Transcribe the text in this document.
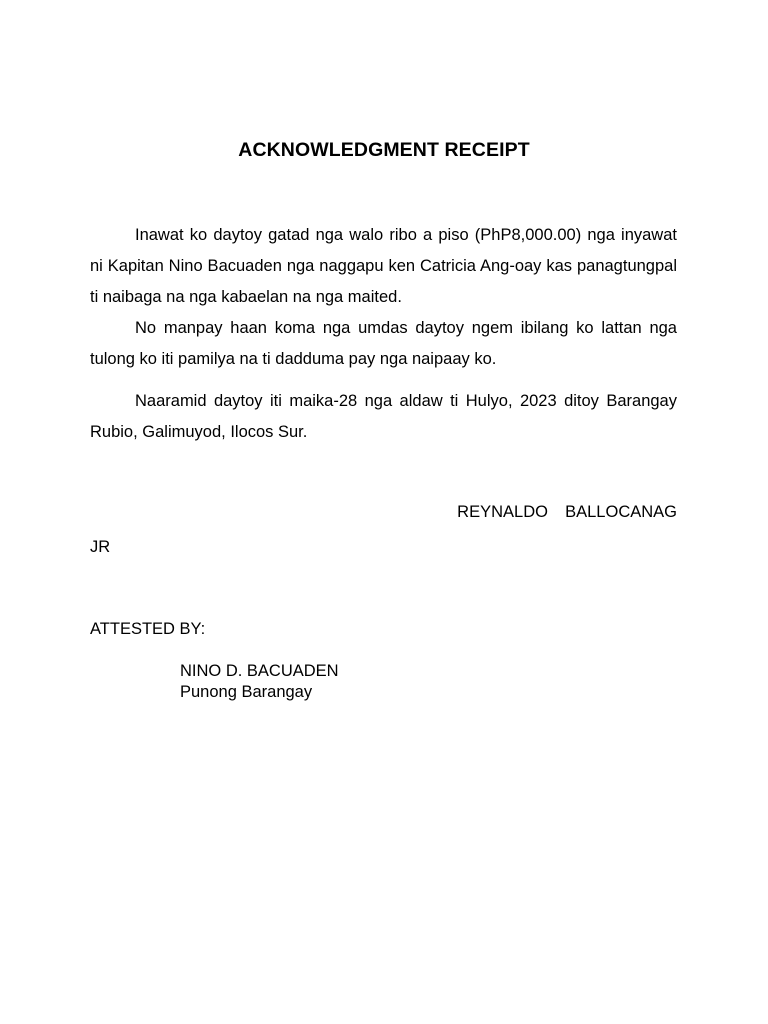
ACKNOWLEDGMENT RECEIPT
Inawat ko daytoy gatad nga walo ribo a piso (PhP8,000.00) nga inyawat ni Kapitan Nino Bacuaden nga naggapu ken Catricia Ang-oay kas panagtungpal ti naibaga na nga kabaelan na nga maited.
No manpay haan koma nga umdas daytoy ngem ibilang ko lattan nga tulong ko iti pamilya na ti dadduma pay nga naipaay ko.
Naaramid daytoy iti maika-28 nga aldaw ti Hulyo, 2023 ditoy Barangay Rubio, Galimuyod, Ilocos Sur.
REYNALDO  BALLOCANAG
JR
ATTESTED BY:
NINO D. BACUADEN
Punong Barangay
